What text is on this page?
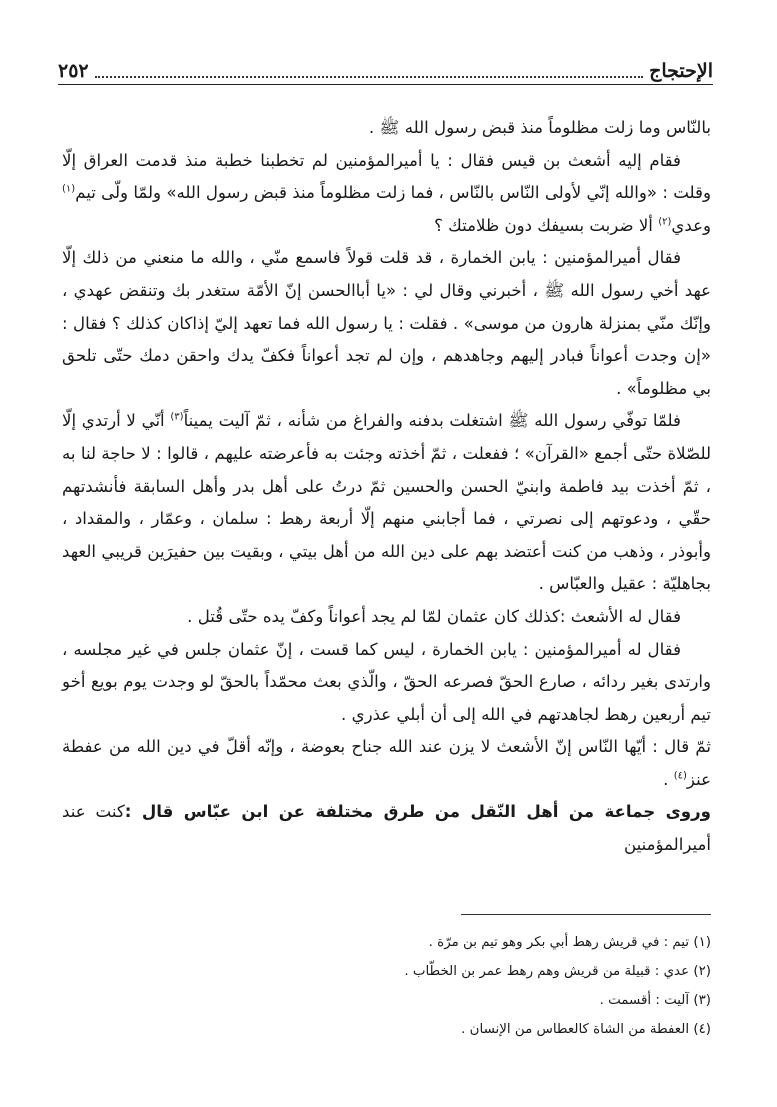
الإحتجاج
٢٥٢

بالنّاس وما زلت مظلوماً منذ قبض رسول الله ﷺ .

فقام إليه أشعث بن قيس فقال : يا أميرالمؤمنين لم تخطبنا خطبة منذ قدمت العراق إلّا وقلت : «والله إنّي لأولى النّاس بالنّاس ، فما زلت مظلوماً منذ قبض رسول الله» ولمّا ولّى تيم$^{(١)}$ وعدي$^{(٢)}$ ألا ضربت بسيفك دون ظلامتك ؟

فقال أميرالمؤمنين : يابن الخمارة ، قد قلت قولاً فاسمع منّي ، والله ما منعني من ذلك إلّا عهد أخي رسول الله ﷺ ، أخبرني وقال لي : «يا أباالحسن إنّ الأمّة ستغدر بك وتنقض عهدي ، وإنّك منّي بمنزلة هارون من موسى» . فقلت : يا رسول الله فما تعهد إليّ إذاكان كذلك ؟ فقال : «إن وجدت أعواناً فبادر إليهم وجاهدهم ، وإن لم تجد أعواناً فكفّ يدك واحقن دمك حتّى تلحق بي مظلوماً» .

فلمّا توفّي رسول الله ﷺ اشتغلت بدفنه والفراغ من شأنه ، ثمّ آليت يميناً$^{(٣)}$ أنّي لا أرتدي إلّا للصّلاة حتّى أجمع «القرآن» ؛ ففعلت ، ثمّ أخذته وجئت به فأعرضته عليهم ، قالوا : لا حاجة لنا به ، ثمّ أخذت بيد فاطمة وابنيّ الحسن والحسين ثمّ درتُ على أهل بدر وأهل السابقة فأنشدتهم حقّي ، ودعوتهم إلى نصرتي ، فما أجابني منهم إلّا أربعة رهط : سلمان ، وعمّار ، والمقداد ، وأبوذر ، وذهب من كنت أعتضد بهم على دين الله من أهل بيتي ، وبقيت بين حفيرَين قريبي العهد بجاهليّة : عقيل والعبّاس .

فقال له الأشعث :كذلك كان عثمان لمّا لم يجد أعواناً وكفّ يده حتّى قُتل .

فقال له أميرالمؤمنين : يابن الخمارة ، ليس كما قست ، إنّ عثمان جلس في غير مجلسه ، وارتدى بغير ردائه ، صارع الحقّ فصرعه الحقّ ، والّذي بعث محمّداً بالحقّ لو وجدت يوم بويع أخو تيم أربعين رهط لجاهدتهم في الله إلى أن أبلي عذري .

ثمّ قال : أيّها النّاس إنّ الأشعث لا يزن عند الله جناح بعوضة ، وإنّه أقلّ في دين الله من عفطة عنز$^{(٤)}$ .

وروى جماعة من أهل النّقل من طرق مختلفة عن ابن عبّاس قال :كنت عند أميرالمؤمنين

(١) تيم : في قريش رهط أبي بكر وهو تيم بن مرّة .

(٢) عدي : قبيلة من قريش وهم رهط عمر بن الخطّاب .

(٣) آليت : أقسمت .

(٤) العفطة من الشاة كالعطاس من الإنسان .
